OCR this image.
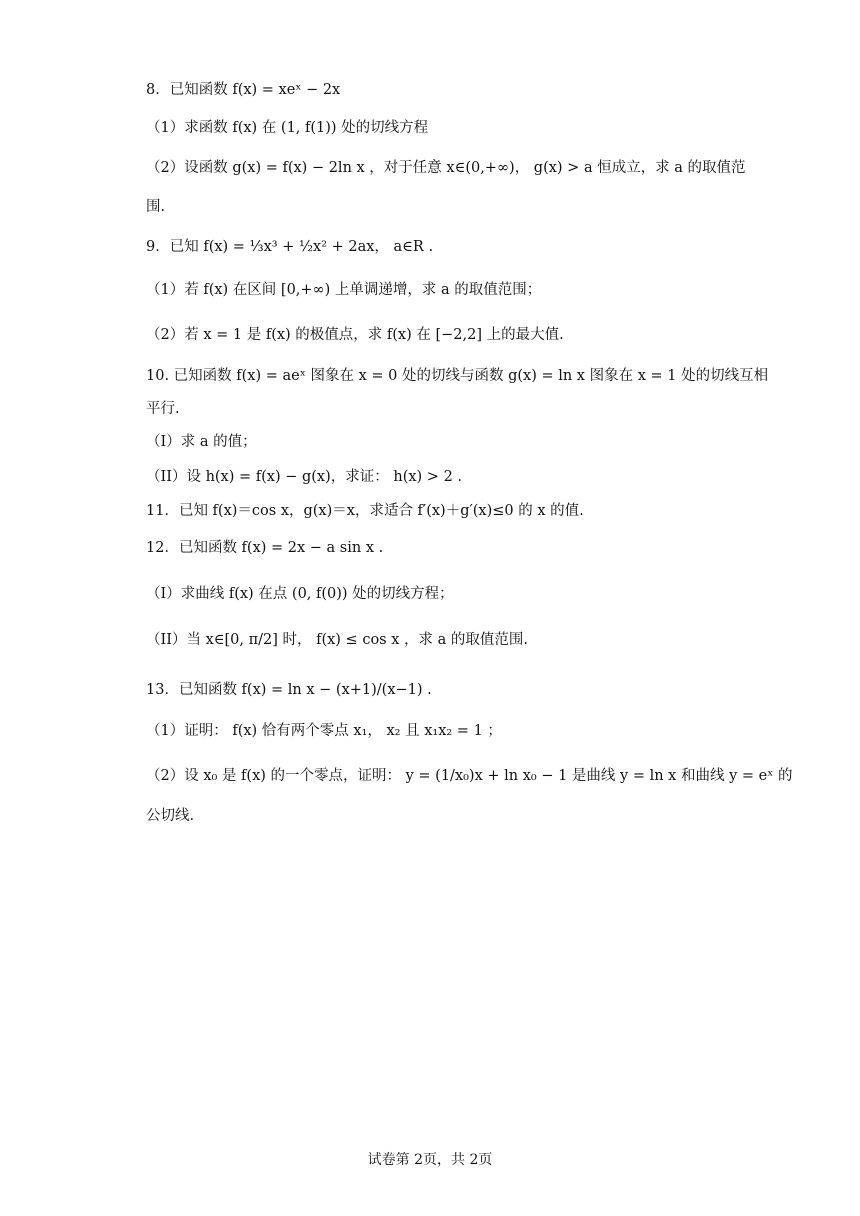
8．已知函数 f(x) = xeˣ − 2x
（1）求函数 f(x) 在 (1, f(1)) 处的切线方程
（2）设函数 g(x) = f(x) − 2ln x ，对于任意 x∈(0,+∞)， g(x) > a 恒成立，求 a 的取值范
围.
9．已知 f(x) = ⅓x³ + ½x² + 2ax， a∈R .
（1）若 f(x) 在区间 [0,+∞) 上单调递增，求 a 的取值范围；
（2）若 x = 1 是 f(x) 的极值点，求 f(x) 在 [−2,2] 上的最大值.
10. 已知函数 f(x) = aeˣ 图象在 x = 0 处的切线与函数 g(x) = ln x 图象在 x = 1 处的切线互相
平行.
（I）求 a 的值；
（II）设 h(x) = f(x) − g(x)，求证： h(x) > 2 .
11．已知 f(x)＝cos x，g(x)＝x，求适合 f′(x)＋g′(x)≤0 的 x 的值.
12．已知函数 f(x) = 2x − a sin x .
（I）求曲线 f(x) 在点 (0, f(0)) 处的切线方程；
（II）当 x∈[0, π/2] 时， f(x) ≤ cos x ，求 a 的取值范围.
13．已知函数 f(x) = ln x − (x+1)/(x−1) .
（1）证明： f(x) 恰有两个零点 x₁， x₂ 且 x₁x₂ = 1 ；
（2）设 x₀ 是 f(x) 的一个零点，证明： y = (1/x₀)x + ln x₀ − 1 是曲线 y = ln x 和曲线 y = eˣ 的
公切线.
试卷第 2页，共 2页
